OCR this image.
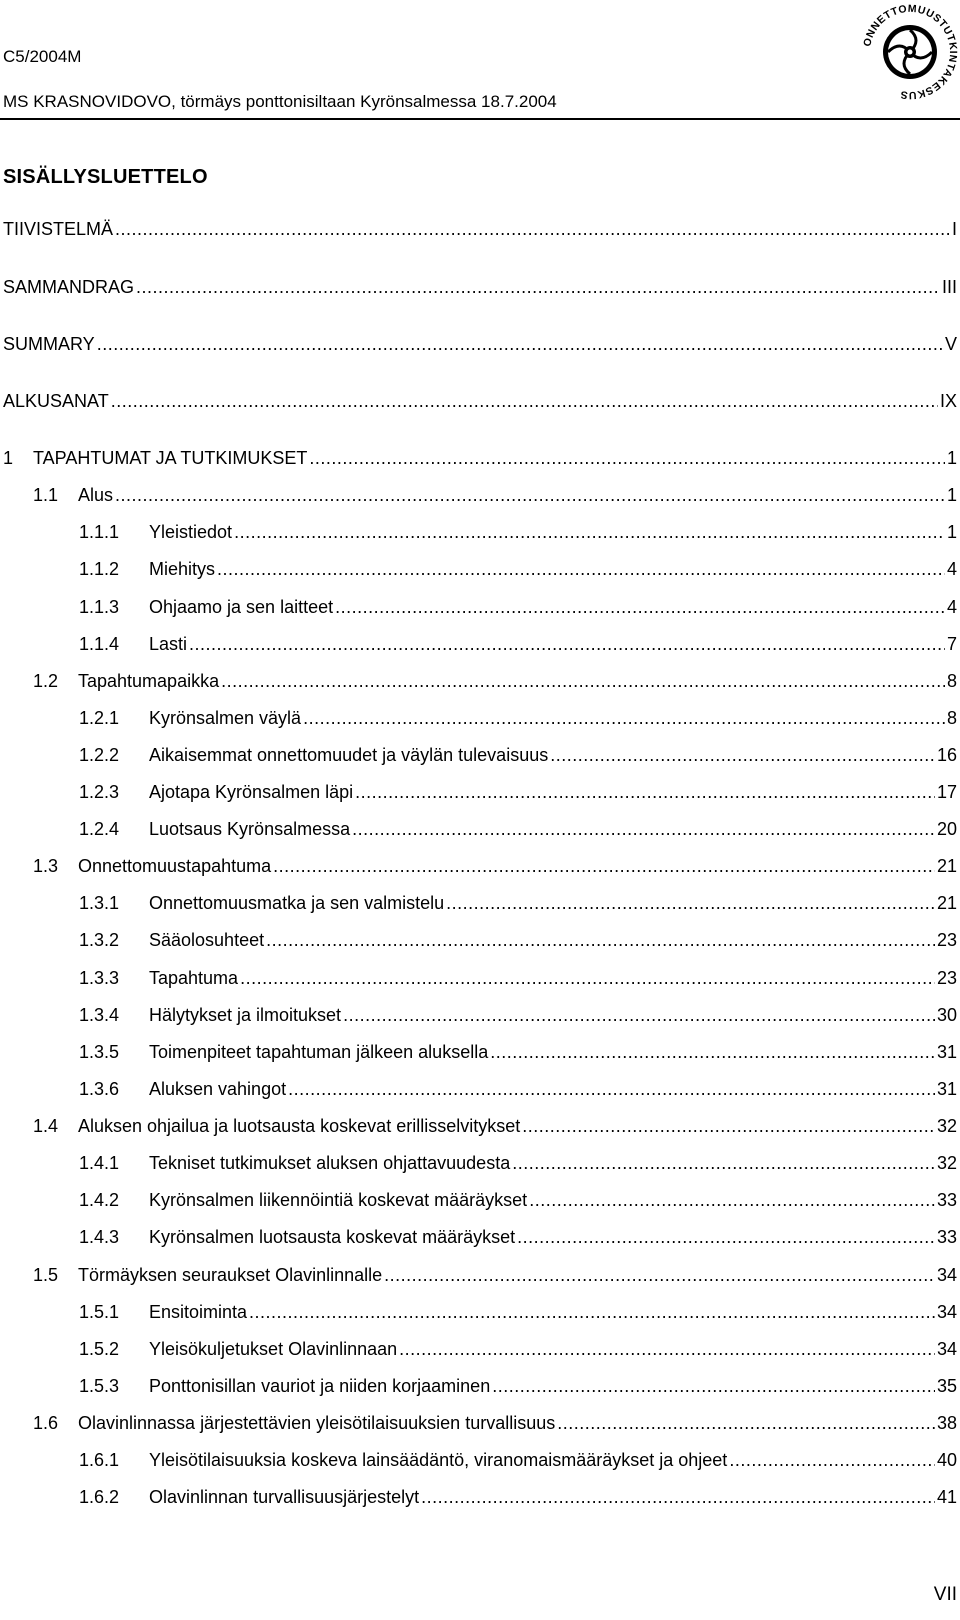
C5/2004M
MS KRASNOVIDOVO, törmäys ponttonisiltaan Kyrönsalmessa 18.7.2004
ONNETTOMUUSTUTKINTAKESKUS
SISÄLLYSLUETTELO
TIIVISTELMÄ .....	I
SAMMANDRAG .....	III
SUMMARY .....	V
ALKUSANAT .....	IX
1	TAPAHTUMAT JA TUTKIMUKSET .....	1
1.1	Alus .....	1
1.1.1	Yleistiedot .....	1
1.1.2	Miehitys .....	4
1.1.3	Ohjaamo ja sen laitteet .....	4
1.1.4	Lasti .....	7
1.2	Tapahtumapaikka .....	8
1.2.1	Kyrönsalmen väylä .....	8
1.2.2	Aikaisemmat onnettomuudet ja väylän tulevaisuus .....	16
1.2.3	Ajotapa Kyrönsalmen läpi .....	17
1.2.4	Luotsaus Kyrönsalmessa .....	20
1.3	Onnettomuustapahtuma .....	21
1.3.1	Onnettomuusmatka ja sen valmistelu .....	21
1.3.2	Sääolosuhteet .....	23
1.3.3	Tapahtuma .....	23
1.3.4	Hälytykset ja ilmoitukset .....	30
1.3.5	Toimenpiteet tapahtuman jälkeen aluksella .....	31
1.3.6	Aluksen vahingot .....	31
1.4	Aluksen ohjailua ja luotsausta koskevat erillisselvitykset .....	32
1.4.1	Tekniset tutkimukset aluksen ohjattavuudesta .....	32
1.4.2	Kyrönsalmen liikennöintiä koskevat määräykset .....	33
1.4.3	Kyrönsalmen luotsausta koskevat määräykset .....	33
1.5	Törmäyksen seuraukset Olavinlinnalle .....	34
1.5.1	Ensitoiminta .....	34
1.5.2	Yleisökuljetukset Olavinlinnaan .....	34
1.5.3	Ponttonisillan vauriot ja niiden korjaaminen .....	35
1.6	Olavinlinnassa järjestettävien yleisötilaisuuksien turvallisuus .....	38
1.6.1	Yleisötilaisuuksia koskeva lainsäädäntö, viranomaismääräykset ja ohjeet .....	40
1.6.2	Olavinlinnan turvallisuusjärjestelyt .....	41
VII
